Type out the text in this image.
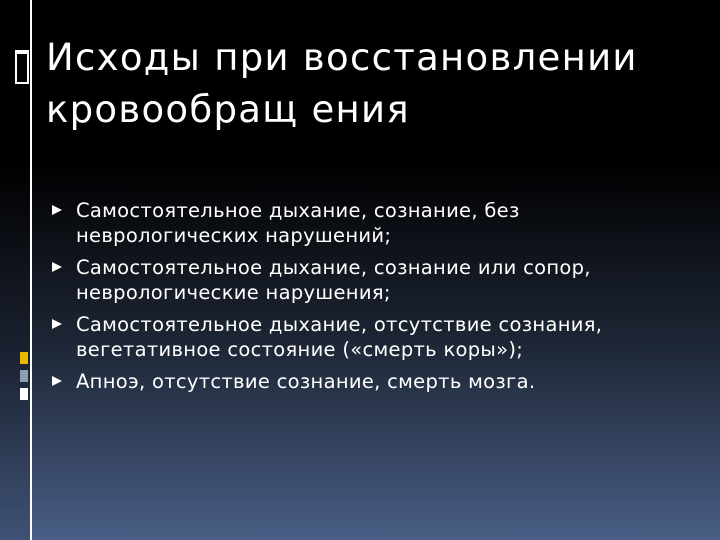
Исходы при восстановлении кровообращ ения
Самостоятельное дыхание, сознание, без неврологических нарушений;
Самостоятельное дыхание, сознание или сопор, неврологические нарушения;
Самостоятельное дыхание, отсутствие сознания, вегетативное состояние («смерть коры»);
Апноэ, отсутствие сознание, смерть мозга.
